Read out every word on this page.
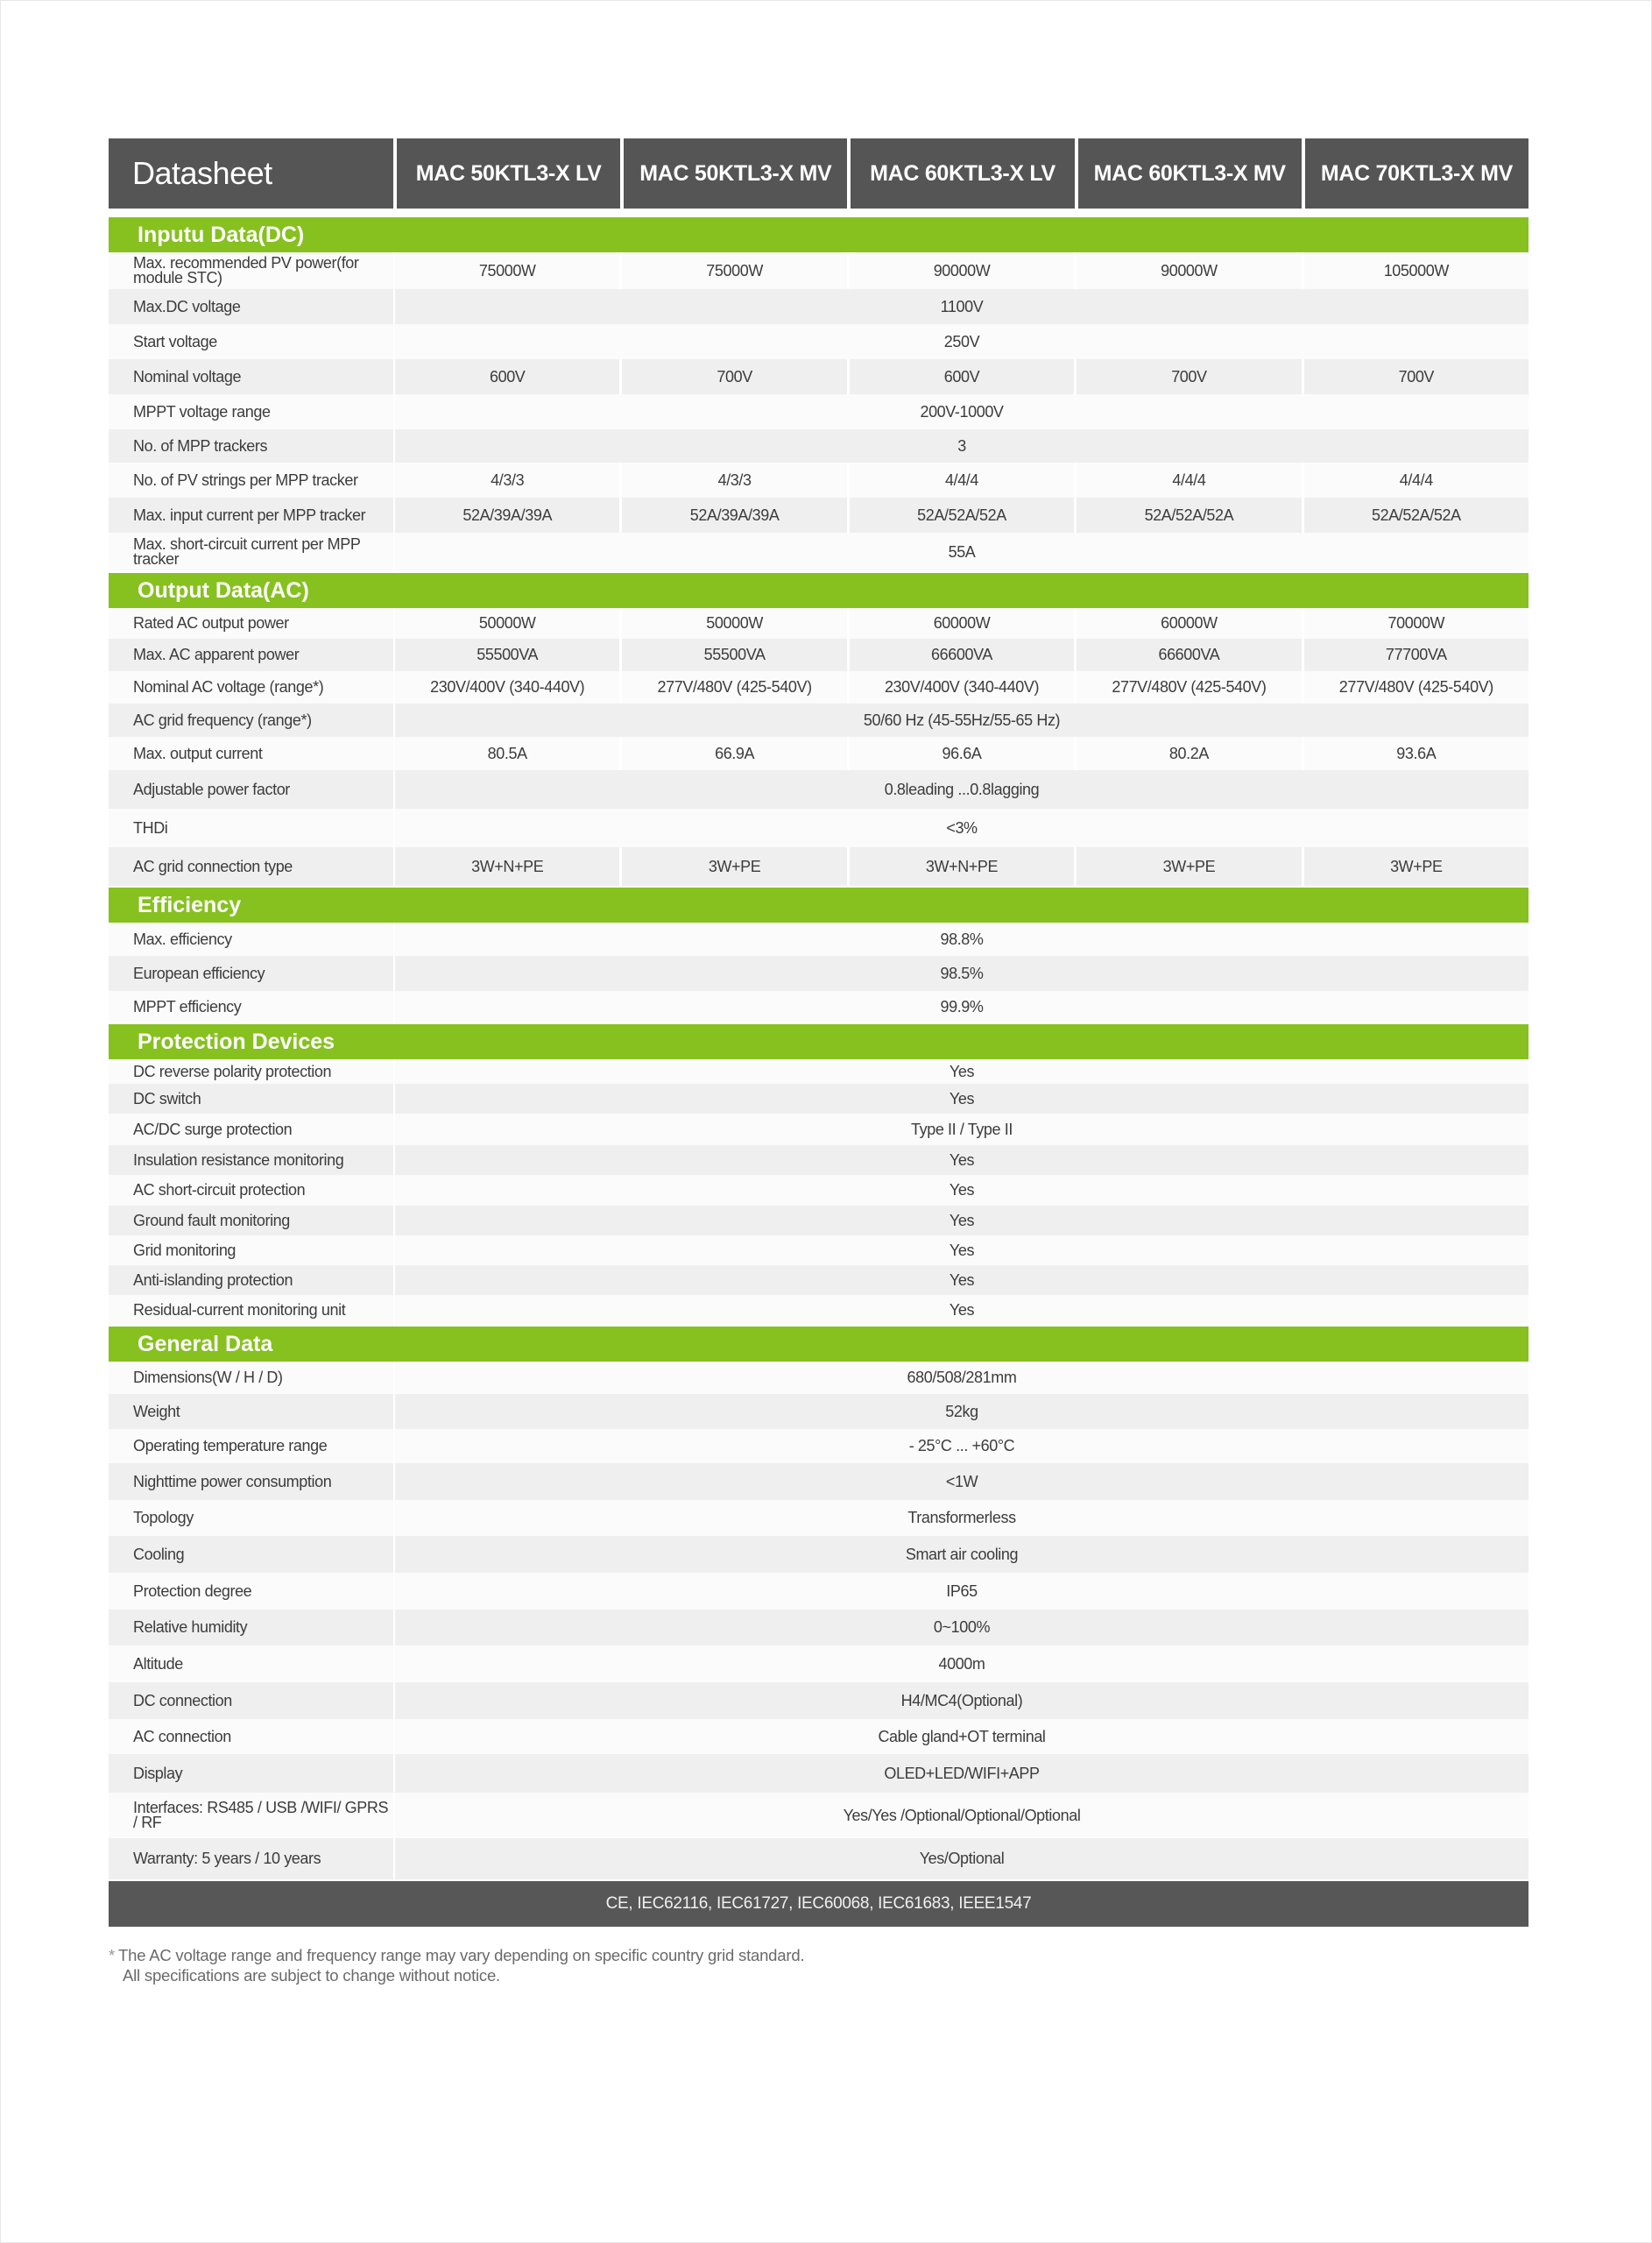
Datasheet	MAC 50KTL3-X LV	MAC 50KTL3-X MV	MAC 60KTL3-X LV	MAC 60KTL3-X MV	MAC 70KTL3-X MV
Inputu Data(DC)
Max. recommended PV power(for module STC)	75000W	75000W	90000W	90000W	105000W
Max.DC voltage	1100V
Start voltage	250V
Nominal voltage	600V	700V	600V	700V	700V
MPPT voltage range	200V-1000V
No. of MPP trackers	3
No. of PV strings per MPP tracker	4/3/3	4/3/3	4/4/4	4/4/4	4/4/4
Max. input current per MPP tracker	52A/39A/39A	52A/39A/39A	52A/52A/52A	52A/52A/52A	52A/52A/52A
Max. short-circuit current per MPP tracker	55A
Output Data(AC)
Rated AC output power	50000W	50000W	60000W	60000W	70000W
Max. AC apparent power	55500VA	55500VA	66600VA	66600VA	77700VA
Nominal AC voltage (range*)	230V/400V (340-440V)	277V/480V (425-540V)	230V/400V (340-440V)	277V/480V (425-540V)	277V/480V (425-540V)
AC grid frequency (range*)	50/60 Hz (45-55Hz/55-65 Hz)
Max. output current	80.5A	66.9A	96.6A	80.2A	93.6A
Adjustable power factor	0.8leading ...0.8lagging
THDi	<3%
AC grid connection type	3W+N+PE	3W+PE	3W+N+PE	3W+PE	3W+PE
Efficiency
Max. efficiency	98.8%
European efficiency	98.5%
MPPT efficiency	99.9%
Protection Devices
DC reverse polarity protection	Yes
DC switch	Yes
AC/DC surge protection	Type II / Type II
Insulation resistance monitoring	Yes
AC short-circuit protection	Yes
Ground fault monitoring	Yes
Grid monitoring	Yes
Anti-islanding protection	Yes
Residual-current monitoring unit	Yes
General Data
Dimensions(W / H / D)	680/508/281mm
Weight	52kg
Operating temperature range	- 25°C ... +60°C
Nighttime power consumption	<1W
Topology	Transformerless
Cooling	Smart air cooling
Protection degree	IP65
Relative humidity	0~100%
Altitude	4000m
DC connection	H4/MC4(Optional)
AC connection	Cable gland+OT terminal
Display	OLED+LED/WIFI+APP
Interfaces: RS485 / USB /WIFI/ GPRS / RF	Yes/Yes /Optional/Optional/Optional
Warranty: 5 years / 10 years	Yes/Optional
CE, IEC62116, IEC61727, IEC60068, IEC61683, IEEE1547
* The AC voltage range and frequency range may vary depending on specific country grid standard.
All specifications are subject to change without notice.
